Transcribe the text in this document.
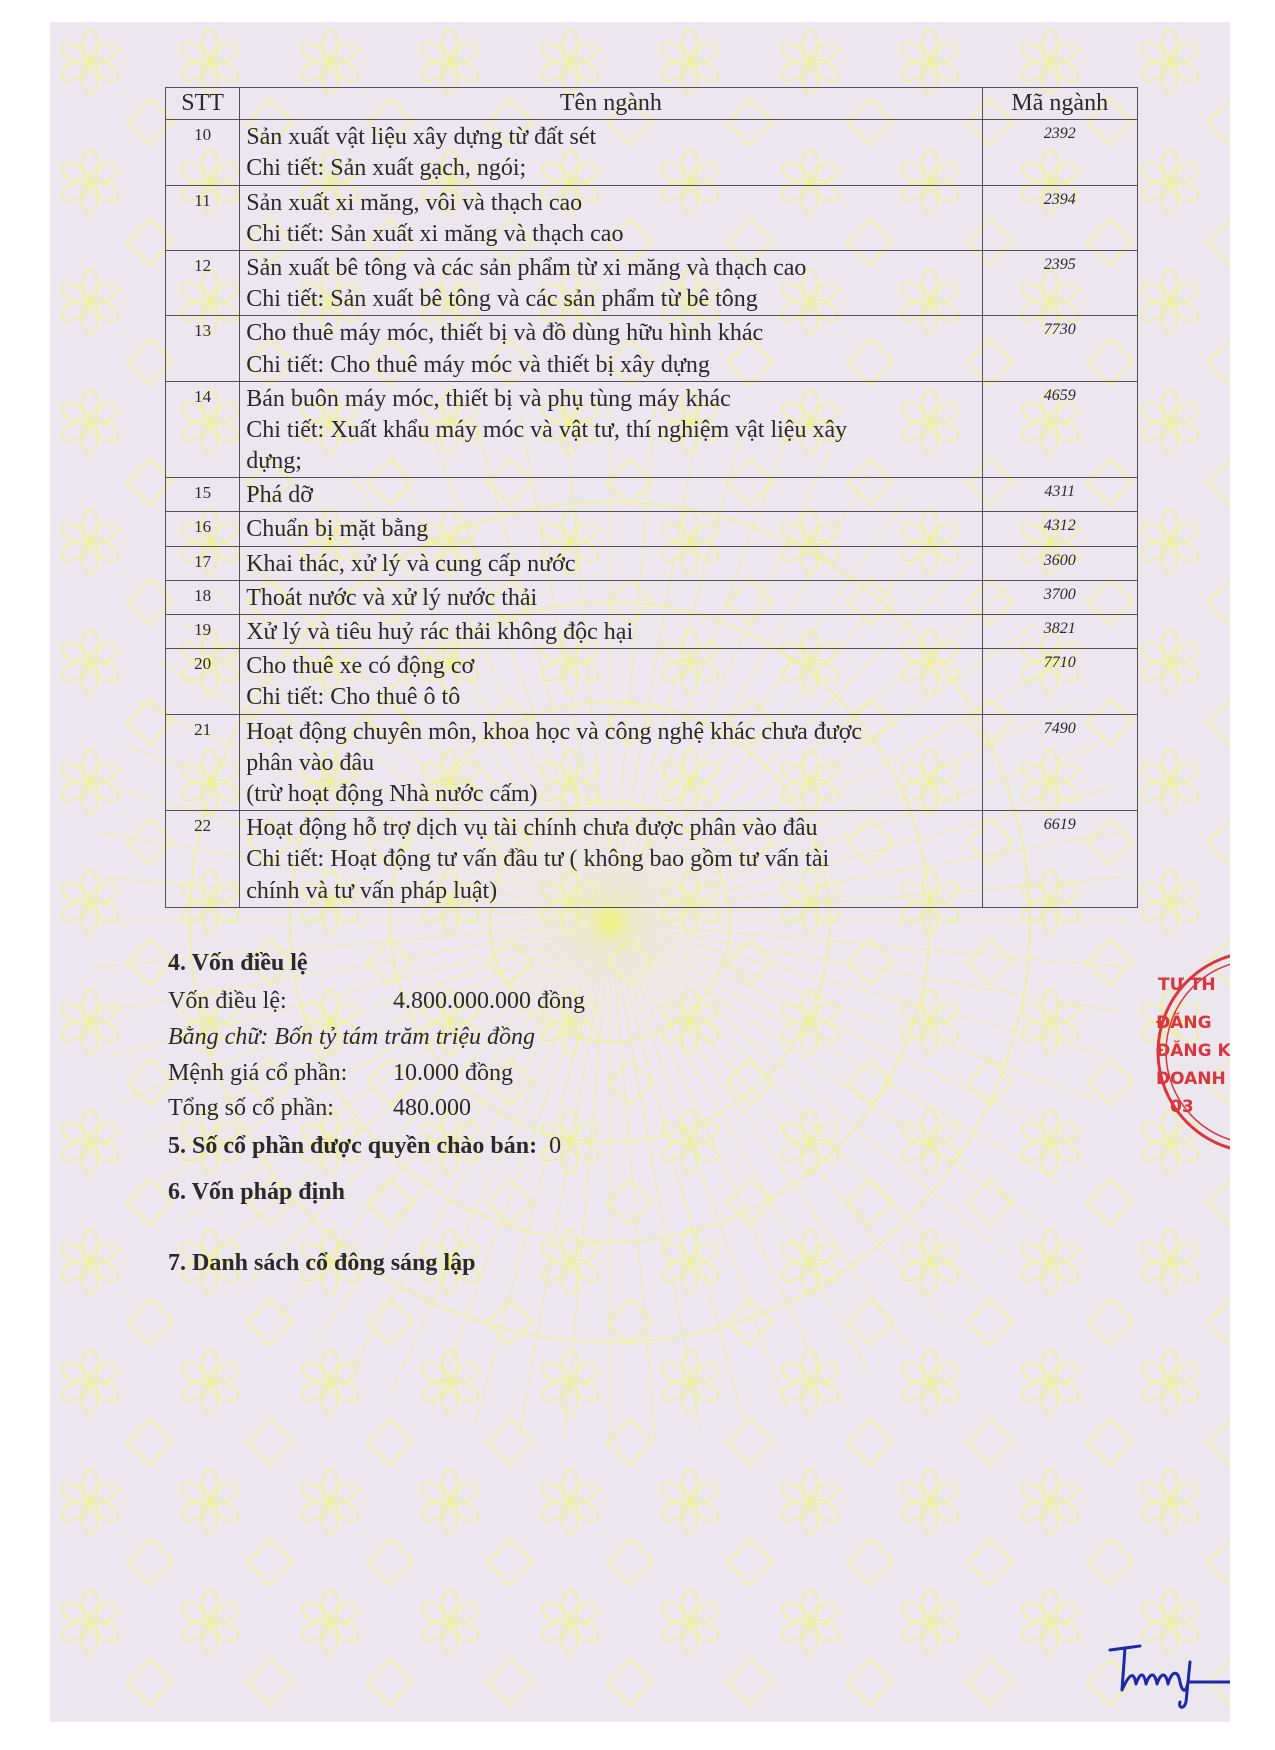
STT	Tên ngành	Mã ngành
10	Sản xuất vật liệu xây dựng từ đất sét
Chi tiết: Sản xuất gạch, ngói;	2392
11	Sản xuất xi măng, vôi và thạch cao
Chi tiết: Sản xuất xi măng và thạch cao	2394
12	Sản xuất bê tông và các sản phẩm từ xi măng và thạch cao
Chi tiết: Sản xuất bê tông và các sản phẩm từ bê tông	2395
13	Cho thuê máy móc, thiết bị và đồ dùng hữu hình khác
Chi tiết: Cho thuê máy móc và thiết bị xây dựng	7730
14	Bán buôn máy móc, thiết bị và phụ tùng máy khác
Chi tiết: Xuất khẩu máy móc và vật tư, thí nghiệm vật liệu xây
dựng;	4659
15	Phá dỡ	4311
16	Chuẩn bị mặt bằng	4312
17	Khai thác, xử lý và cung cấp nước	3600
18	Thoát nước và xử lý nước thải	3700
19	Xử lý và tiêu huỷ rác thải không độc hại	3821
20	Cho thuê xe có động cơ
Chi tiết: Cho thuê ô tô	7710
21	Hoạt động chuyên môn, khoa học và công nghệ khác chưa được
phân vào đâu
(trừ hoạt động Nhà nước cấm)	7490
22	Hoạt động hỗ trợ dịch vụ tài chính chưa được phân vào đâu
Chi tiết: Hoạt động tư vấn đầu tư ( không bao gồm tư vấn tài
chính và tư vấn pháp luật)	6619
4. Vốn điều lệ
Vốn điều lệ:	4.800.000.000 đồng
Bằng chữ: Bốn tỷ tám trăm triệu đồng
Mệnh giá cổ phần: 10.000 đồng
Tổng số cổ phần: 480.000
5. Số cổ phần được quyền chào bán: 0
6. Vốn pháp định
7. Danh sách cổ đông sáng lập
TƯ TH
ĐĂNG
ĐĂNG KÝ
DOANH
03
